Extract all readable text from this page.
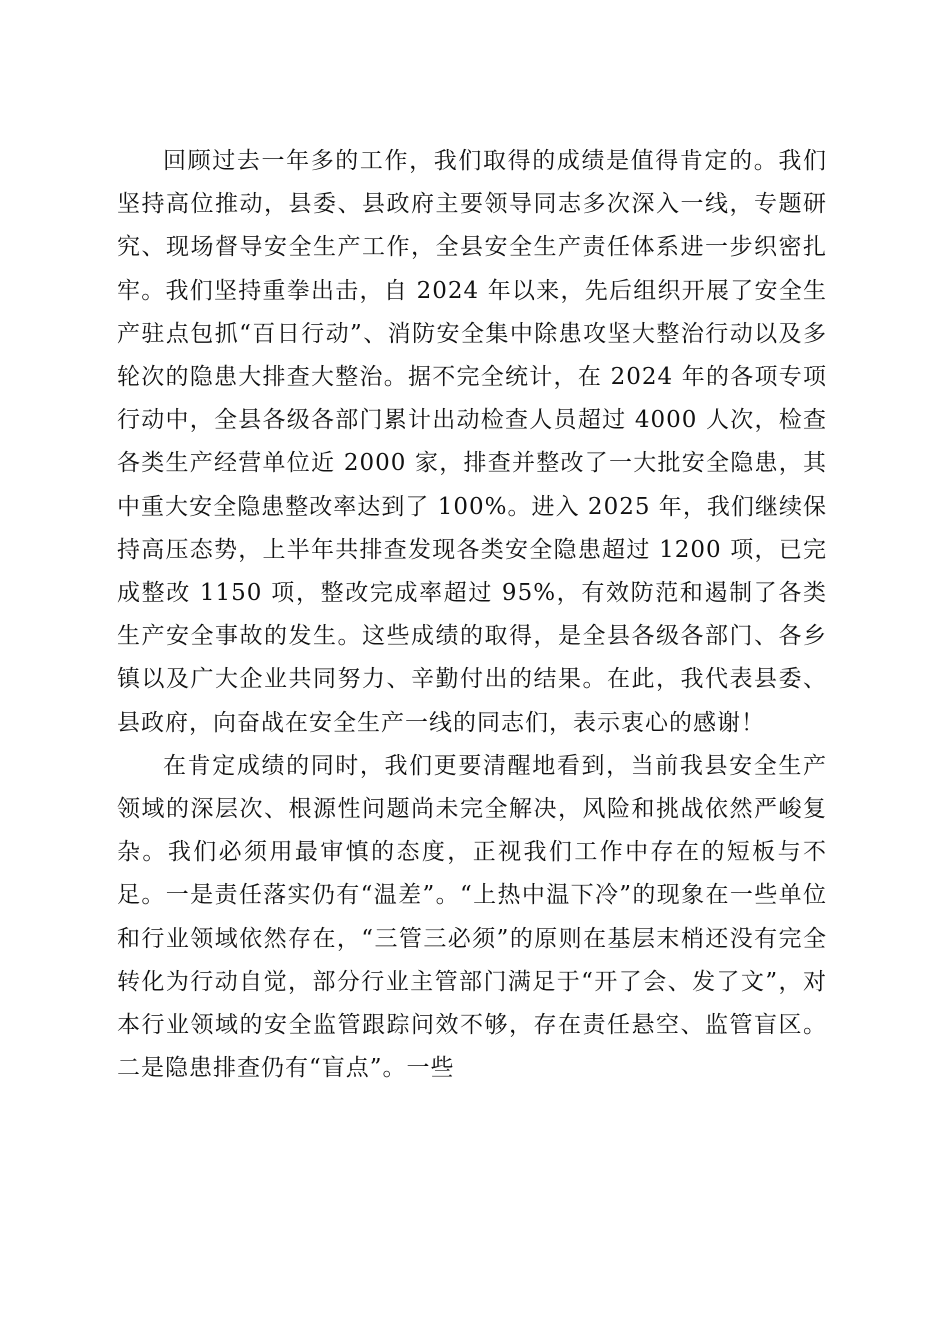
回顾过去一年多的工作，我们取得的成绩是值得肯定的。我们坚持高位推动，县委、县政府主要领导同志多次深入一线，专题研究、现场督导安全生产工作，全县安全生产责任体系进一步织密扎牢。我们坚持重拳出击，自 2024 年以来，先后组织开展了安全生产驻点包抓“百日行动”、消防安全集中除患攻坚大整治行动以及多轮次的隐患大排查大整治。据不完全统计，在 2024 年的各项专项行动中，全县各级各部门累计出动检查人员超过 4000 人次，检查各类生产经营单位近 2000 家，排查并整改了一大批安全隐患，其中重大安全隐患整改率达到了 100%。进入 2025 年，我们继续保持高压态势，上半年共排查发现各类安全隐患超过 1200 项，已完成整改 1150 项，整改完成率超过 95%，有效防范和遏制了各类生产安全事故的发生。这些成绩的取得，是全县各级各部门、各乡镇以及广大企业共同努力、辛勤付出的结果。在此，我代表县委、县政府，向奋战在安全生产一线的同志们，表示衷心的感谢！

在肯定成绩的同时，我们更要清醒地看到，当前我县安全生产领域的深层次、根源性问题尚未完全解决，风险和挑战依然严峻复杂。我们必须用最审慎的态度，正视我们工作中存在的短板与不足。一是责任落实仍有“温差”。“上热中温下冷”的现象在一些单位和行业领域依然存在，“三管三必须”的原则在基层末梢还没有完全转化为行动自觉，部分行业主管部门满足于“开了会、发了文”，对本行业领域的安全监管跟踪问效不够，存在责任悬空、监管盲区。二是隐患排查仍有“盲点”。一些
